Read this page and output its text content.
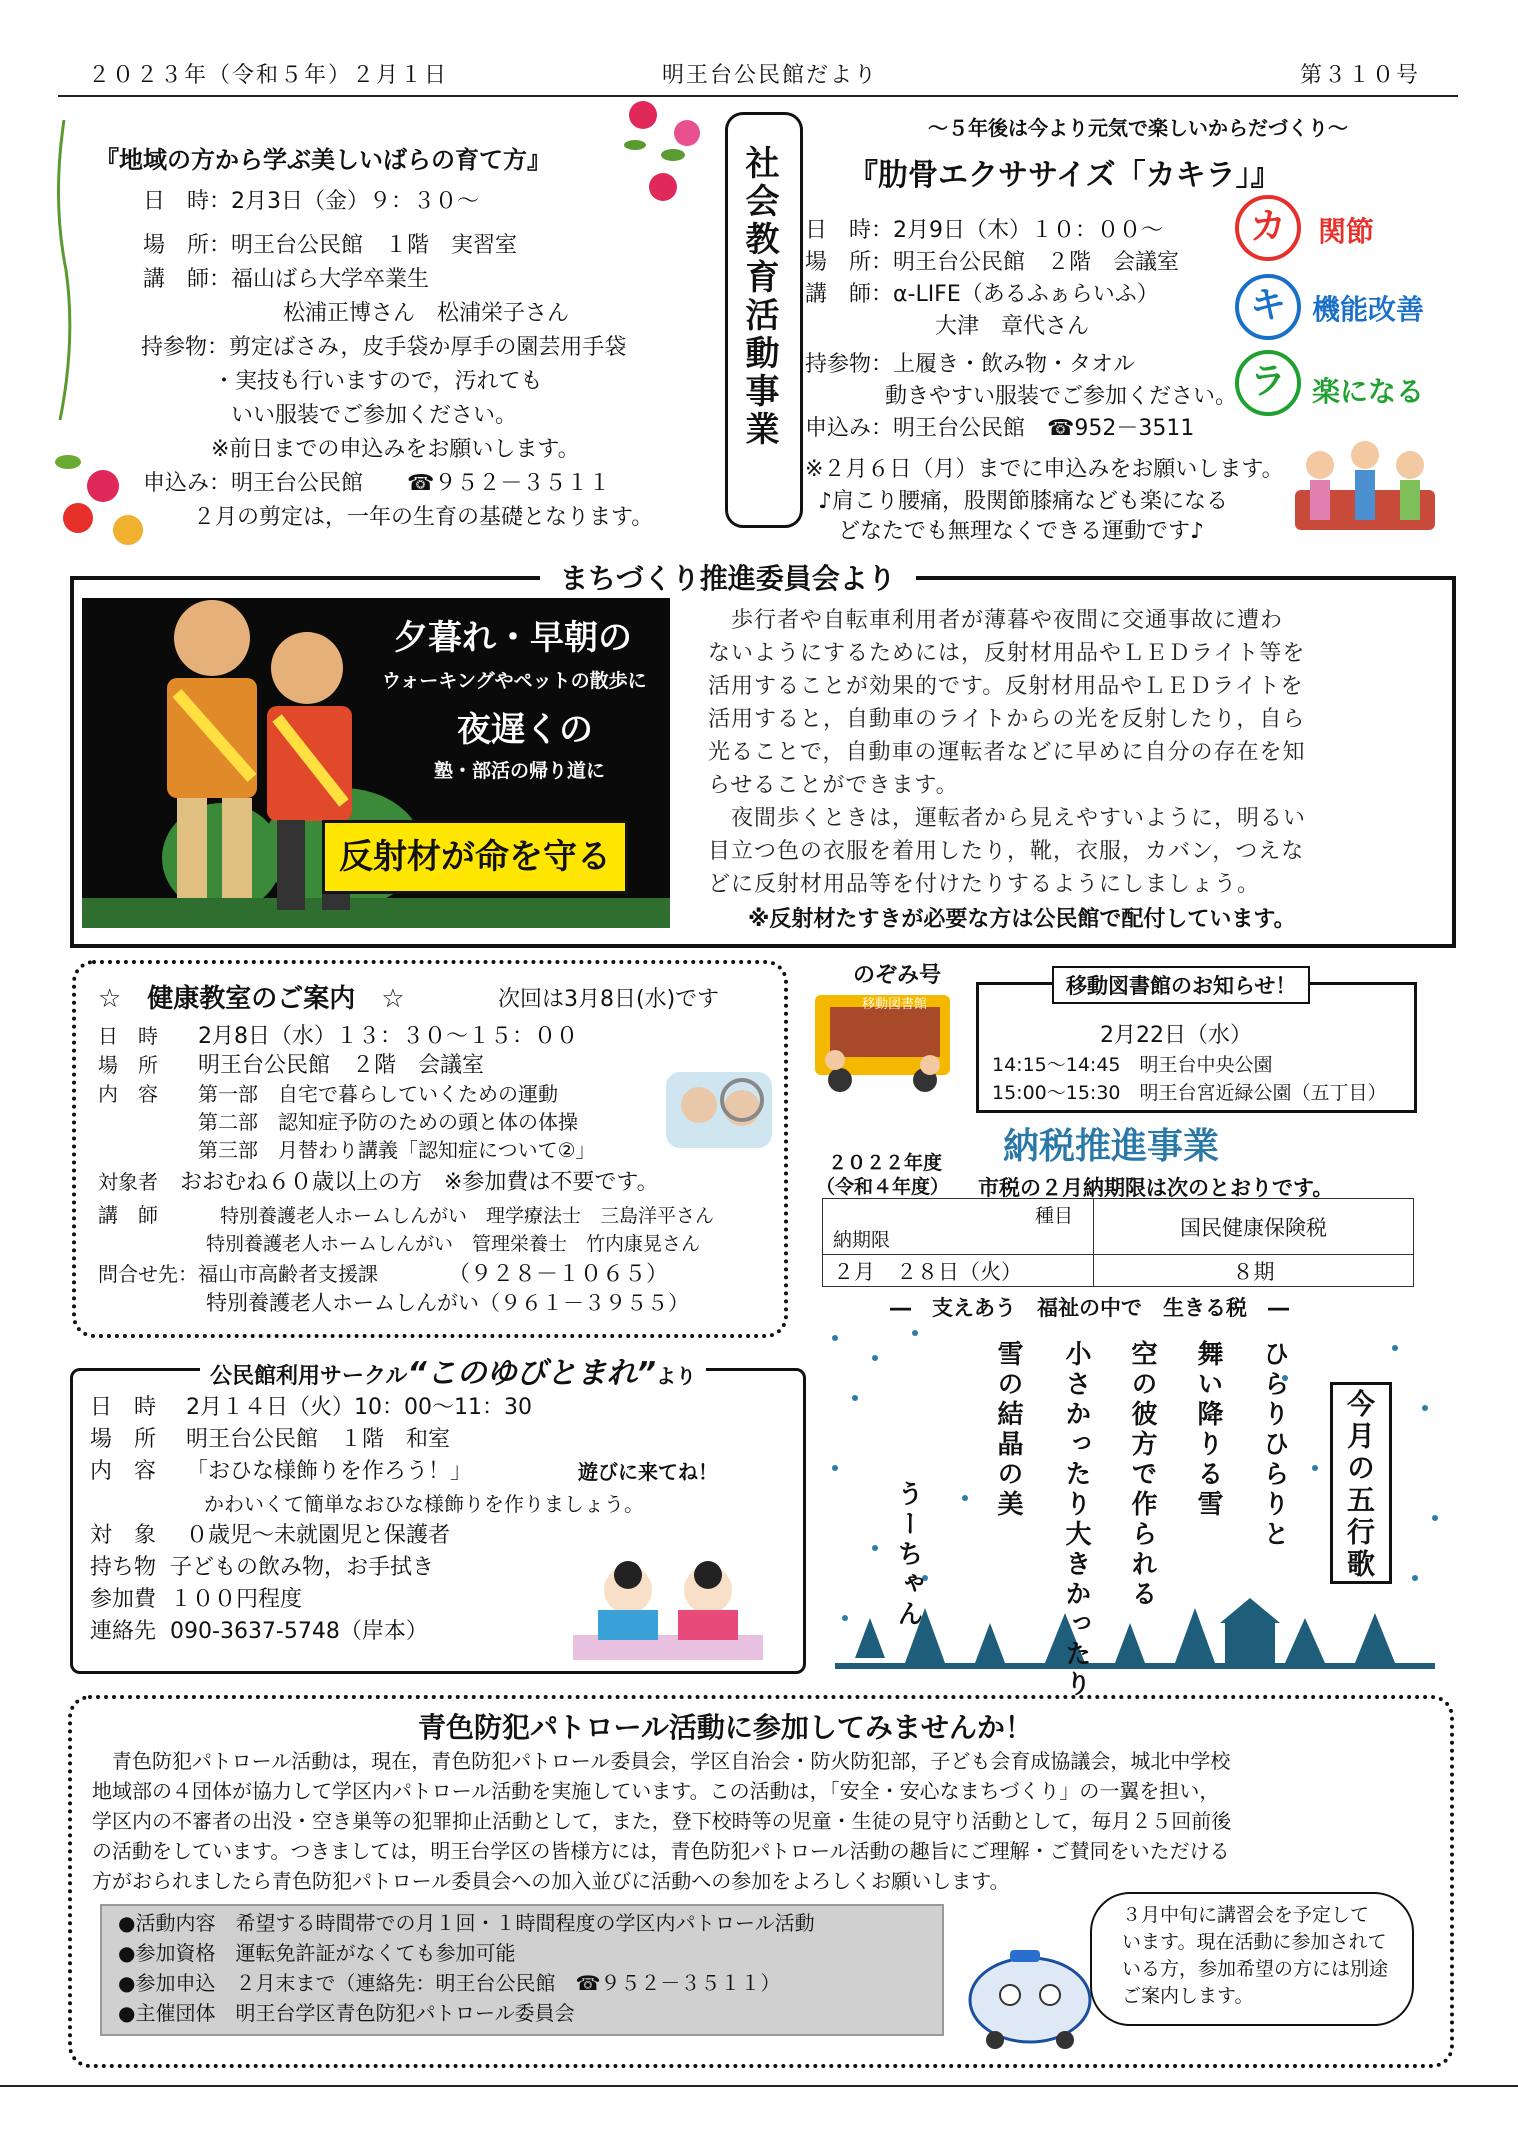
２０２３年（令和５年）２月１日	明王台公民館だより	第３１０号
『地域の方から学ぶ美しいばらの育て方』
日　時：2月3日（金）９：３０～
場　所：明王台公民館　１階　実習室
講　師：福山ばら大学卒業生
松浦正博さん　松浦栄子さん
持参物：剪定ばさみ，皮手袋か厚手の園芸用手袋
・実技も行いますので，汚れても
いい服装でご参加ください。
※前日までの申込みをお願いします。
申込み：明王台公民館　　☎９５２－３５１１
２月の剪定は，一年の生育の基礎となります。
社会教育活動事業
～５年後は今より元気で楽しいからだづくり～
『肋骨エクササイズ「カキラ」』
日　時：2月9日（木）１０：００～
場　所：明王台公民館　２階　会議室
講　師：α-LIFE（あるふぁらいふ）
大津　章代さん
持参物：上履き・飲み物・タオル
動きやすい服装でご参加ください。
申込み：明王台公民館　☎952－3511
※２月６日（月）までに申込みをお願いします。
♪肩こり腰痛，股関節膝痛なども楽になる
どなたでも無理なくできる運動です♪
カ	関節
キ 機能改善
ラ 楽になる
まちづくり推進委員会より
夕暮れ・早朝の
ウォーキングやペットの散歩に
夜遅くの
塾・部活の帰り道に
反射材が命を守る
　歩行者や自転車利用者が薄暮や夜間に交通事故に遭わ
ないようにするためには，反射材用品やＬＥＤライト等を
活用することが効果的です。反射材用品やＬＥＤライトを
活用すると，自動車のライトからの光を反射したり，自ら
光ることで，自動車の運転者などに早めに自分の存在を知
らせることができます。
　夜間歩くときは，運転者から見えやすいように，明るい
目立つ色の衣服を着用したり，靴，衣服，カバン，つえな
どに反射材用品等を付けたりするようにしましょう。
※反射材たすきが必要な方は公民館で配付しています。
☆　健康教室のご案内　☆	次回は3月8日(水)です
日　時 2月8日（水）１３：３０～１５：００
場　所 明王台公民館　２階　会議室
内　容 第一部　自宅で暮らしていくための運動
第二部　認知症予防のための頭と体の体操
第三部　月替わり講義「認知症について②」
対象者 おおむね６０歳以上の方　※参加費は不要です。
講　師	特別養護老人ホームしんがい　理学療法士　三島洋平さん
特別養護老人ホームしんがい　管理栄養士　竹内康晃さん
問合せ先：福山市高齢者支援課	（９２８－１０６５）
特別養護老人ホームしんがい（９６１－３９５５）
のぞみ号
移動図書館
移動図書館のお知らせ！
2月22日（水）
14:15～14:45　明王台中央公園
15:00～15:30　明王台宮近緑公園（五丁目）
納税推進事業
２０２２年度
（令和４年度） 市税の２月納期限は次のとおりです。
種目
納期限	国民健康保険税
２月　２８日（火）	８期
―　支えあう　福祉の中で　生きる税　―
今月の五行歌
ひらりひらりと
舞い降りる雪
空の彼方で作られる
小さかったり大きかったり
雪の結晶の美
うーちゃん
公民館利用サークル“このゆびとまれ”より
日　時 2月１４日（火）10：00～11：30
場　所 明王台公民館　１階　和室
内　容 「おひな様飾りを作ろう！」
かわいくて簡単なおひな様飾りを作りましょう。
対　象 ０歳児～未就園児と保護者
持ち物 子どもの飲み物，お手拭き
参加費 １００円程度
連絡先 090-3637-5748（岸本）
遊びに来てね！
青色防犯パトロール活動に参加してみませんか！
　青色防犯パトロール活動は，現在，青色防犯パトロール委員会，学区自治会・防火防犯部，子ども会育成協議会，城北中学校
地域部の４団体が協力して学区内パトロール活動を実施しています。この活動は，「安全・安心なまちづくり」の一翼を担い，
学区内の不審者の出没・空き巣等の犯罪抑止活動として，また，登下校時等の児童・生徒の見守り活動として，毎月２５回前後
の活動をしています。つきましては，明王台学区の皆様方には，青色防犯パトロール活動の趣旨にご理解・ご賛同をいただける
方がおられましたら青色防犯パトロール委員会への加入並びに活動への参加をよろしくお願いします。
●活動内容　希望する時間帯での月１回・１時間程度の学区内パトロール活動
●参加資格　運転免許証がなくても参加可能
●参加申込　２月末まで（連絡先：明王台公民館　☎９５２－３５１１）
●主催団体　明王台学区青色防犯パトロール委員会
３月中旬に講習会を予定して
います。現在活動に参加されて
いる方，参加希望の方には別途
ご案内します。
